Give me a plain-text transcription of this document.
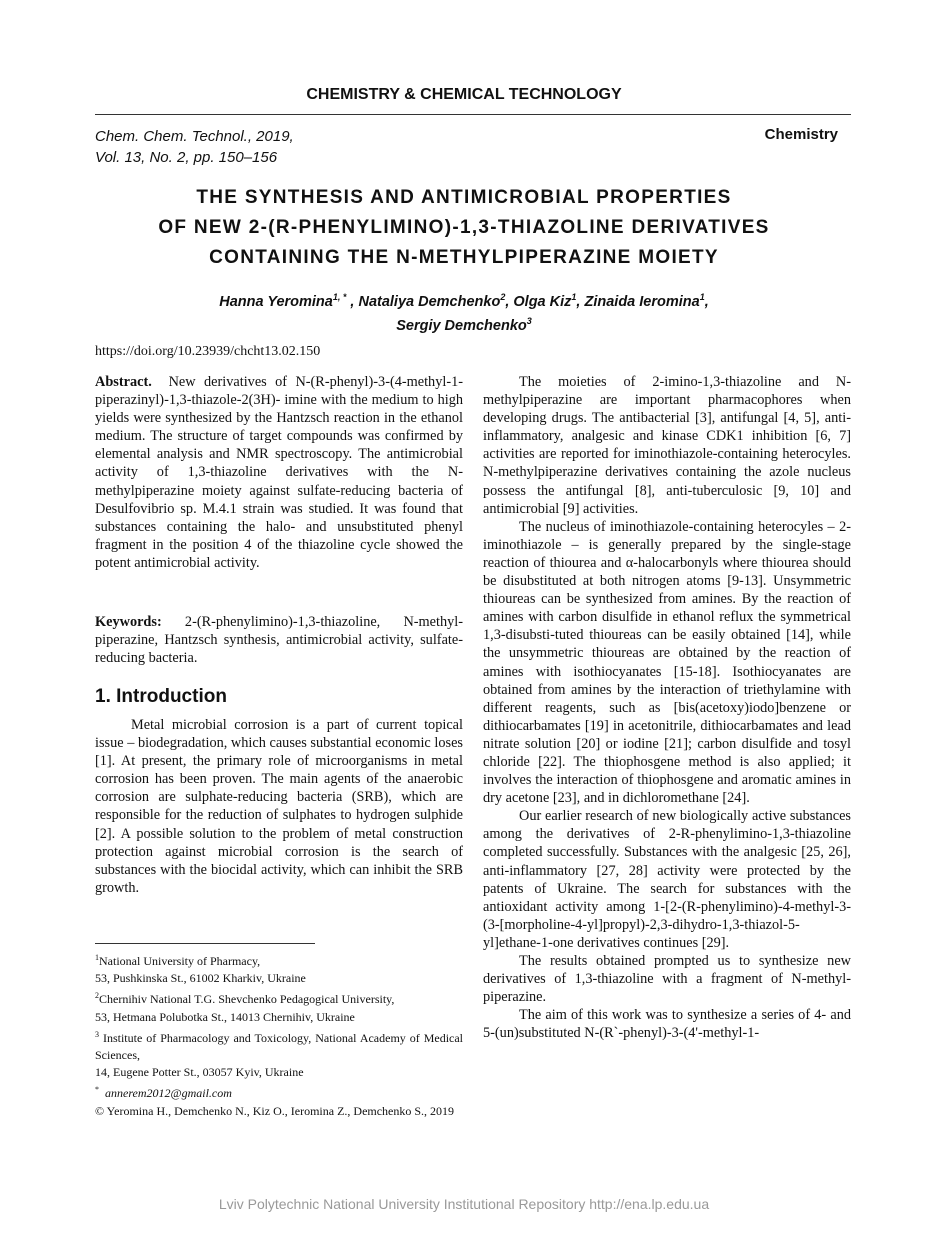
CHEMISTRY & CHEMICAL TECHNOLOGY
Chem. Chem. Technol., 2019,
Vol. 13, No. 2, pp. 150–156
Chemistry
THE SYNTHESIS AND ANTIMICROBIAL PROPERTIES
OF NEW 2-(R-PHENYLIMINO)-1,3-THIAZOLINE DERIVATIVES
CONTAINING THE N-METHYLPIPERAZINE MOIETY
Hanna Yeromina$^{1, *}$ , Nataliya Demchenko$^2$, Olga Kiz$^1$, Zinaida Ieromina$^1$,
Sergiy Demchenko$^3$
https://doi.org/10.23939/chcht13.02.150

Abstract. New derivatives of N-(R-phenyl)-3-(4-methyl-1-piperazinyl)-1,3-thiazole-2(3H)- imine with the medium to high yields were synthesized by the Hantzsch reaction in the ethanol medium. The structure of target compounds was confirmed by elemental analysis and NMR spectroscopy. The antimicrobial activity of 1,3-thiazoline derivatives with the N-methylpiperazine moiety against sulfate-reducing bacteria of Desulfovibrio sp. M.4.1 strain was studied. It was found that substances containing the halo- and unsubstituted phenyl fragment in the position 4 of the thiazoline cycle showed the potent antimicrobial activity.

Keywords: 2-(R-phenylimino)-1,3-thiazoline, N-methyl-piperazine, Hantzsch synthesis, antimicrobial activity, sulfate-reducing bacteria.

1. Introduction

Metal microbial corrosion is a part of current topical issue – biodegradation, which causes substantial economic loses [1]. At present, the primary role of microorganisms in metal corrosion has been proven. The main agents of the anaerobic corrosion are sulphate-reducing bacteria (SRB), which are responsible for the reduction of sulphates to hydrogen sulphide [2]. A possible solution to the problem of metal construction protection against microbial corrosion is the search of substances with the biocidal activity, which can inhibit the SRB growth.

$^1$National University of Pharmacy,
53, Pushkinska St., 61002 Kharkiv, Ukraine
$^2$Chernihiv National T.G. Shevchenko Pedagogical University,
53, Hetmana Polubotka St., 14013 Chernihiv, Ukraine
$^3$ Institute of Pharmacology and Toxicology, National Academy of Medical Sciences,
14, Eugene Potter St., 03057 Kyiv, Ukraine
* annerem2012@gmail.com
© Yeromina H., Demchenko N., Kiz O., Ieromina Z., Demchenko S., 2019

The moieties of 2-imino-1,3-thiazoline and N-methylpiperazine are important pharmacophores when developing drugs. The antibacterial [3], antifungal [4, 5], anti-inflammatory, analgesic and kinase CDK1 inhibition [6, 7] activities are reported for iminothiazole-containing heterocyles. N-methylpiperazine derivatives containing the azole nucleus possess the antifungal [8], anti-tuberculosic [9, 10] and antimicrobial [9] activities.

The nucleus of iminothiazole-containing heterocyles – 2-iminothiazole – is generally prepared by the single-stage reaction of thiourea and α-halocarbonyls where thiourea should be disubstituted at both nitrogen atoms [9-13]. Unsymmetric thioureas can be synthesized from amines. By the reaction of amines with carbon disulfide in ethanol reflux the symmetrical 1,3-disubsti-tuted thioureas can be easily obtained [14], while the unsymmetric thioureas are obtained by the reaction of amines with isothiocyanates [15-18]. Isothiocyanates are obtained from amines by the interaction of triethylamine with different reagents, such as [bis(acetoxy)iodo]benzene or dithiocarbamates [19] in acetonitrile, dithiocarbamates and lead nitrate solution [20] or iodine [21]; carbon disulfide and tosyl chloride [22]. The thiophosgene method is also applied; it involves the interaction of thiophosgene and aromatic amines in dry acetone [23], and in dichloromethane [24].

Our earlier research of new biologically active substances among the derivatives of 2-R-phenylimino-1,3-thiazoline completed successfully. Substances with the analgesic [25, 26], anti-inflammatory [27, 28] activity were protected by the patents of Ukraine. The search for substances with the antioxidant activity among 1-[2-(R-phenylimino)-4-methyl-3-(3-[morpholine-4-yl]propyl)-2,3-dihydro-1,3-thiazol-5-yl]ethane-1-one derivatives continues [29].

The results obtained prompted us to synthesize new derivatives of 1,3-thiazoline with a fragment of N-methyl-piperazine.

The aim of this work was to synthesize a series of 4- and 5-(un)substituted N-(R`-phenyl)-3-(4'-methyl-1-

Lviv Polytechnic National University Institutional Repository http://ena.lp.edu.ua
